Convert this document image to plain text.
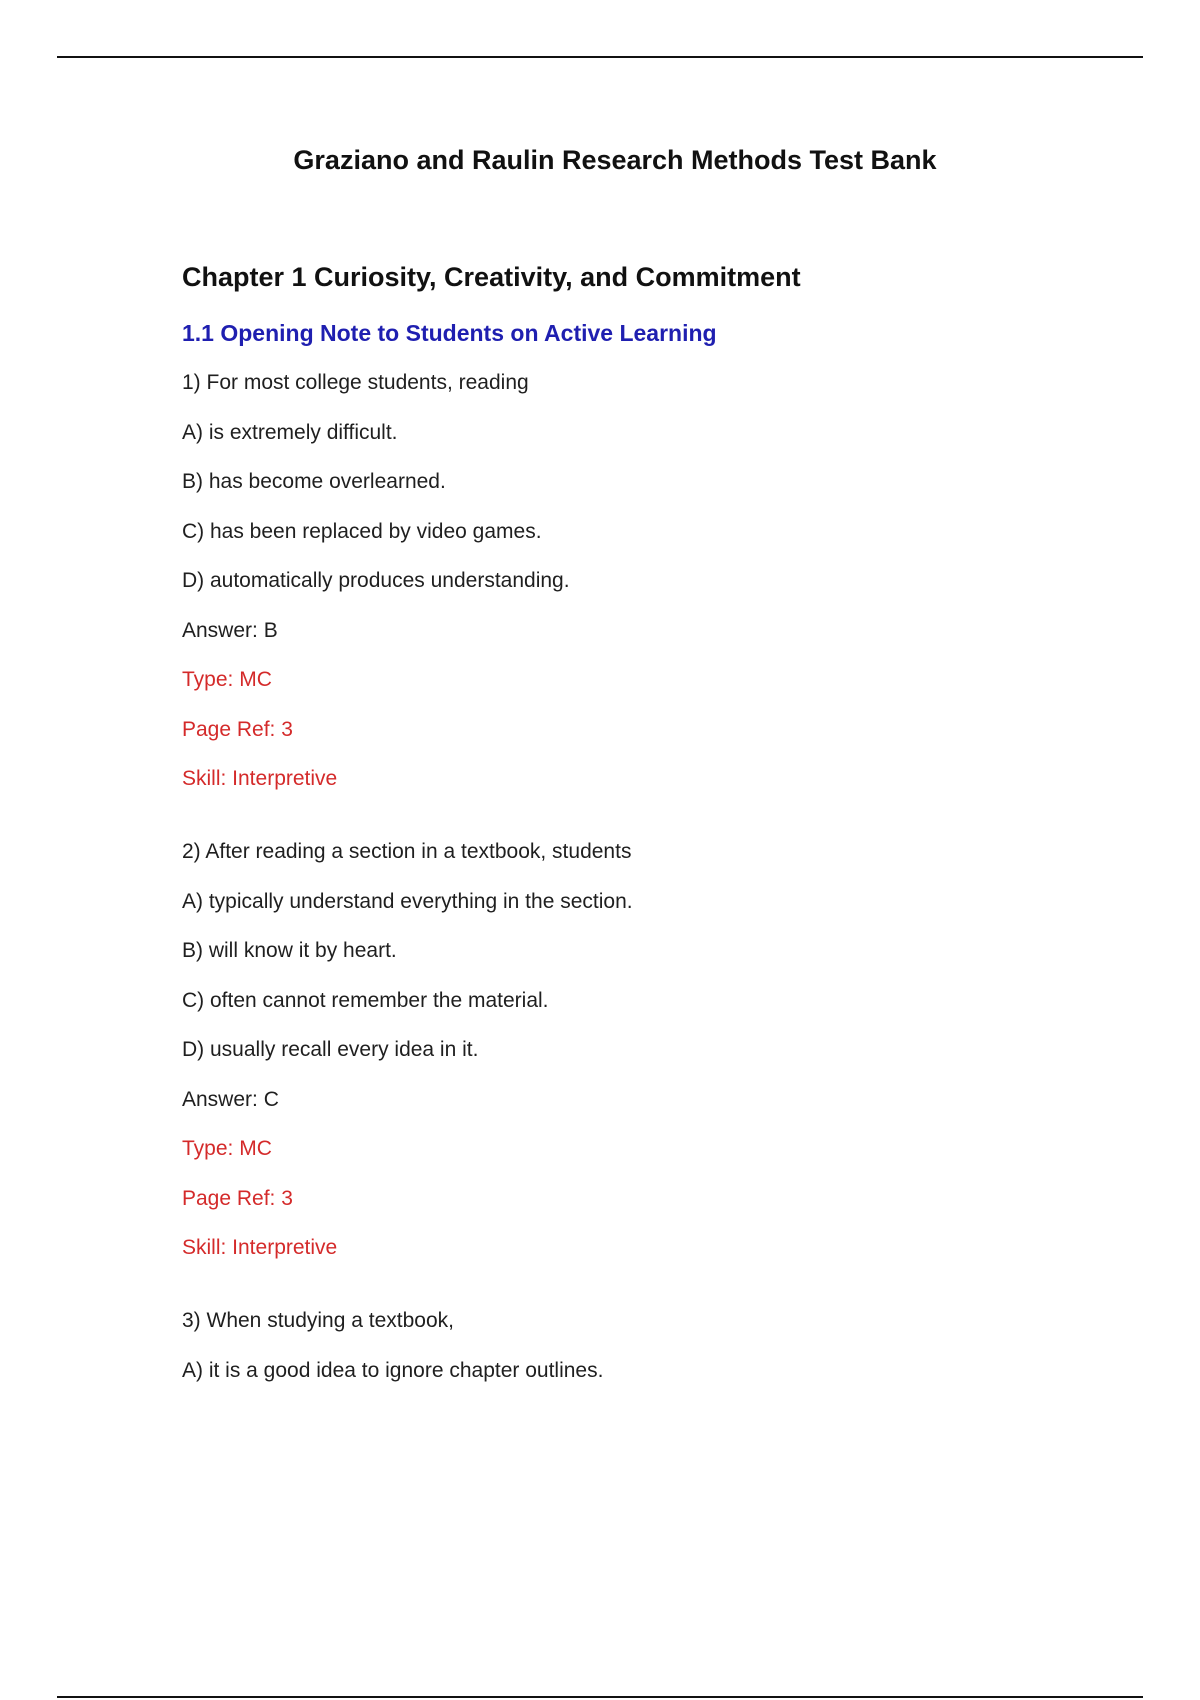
Graziano and Raulin Research Methods Test Bank
Chapter 1 Curiosity, Creativity, and Commitment
1.1 Opening Note to Students on Active Learning

1) For most college students, reading

A) is extremely difficult.

B) has become overlearned.

C) has been replaced by video games.

D) automatically produces understanding.

Answer: B

Type: MC

Page Ref: 3

Skill: Interpretive

2) After reading a section in a textbook, students

A) typically understand everything in the section.

B) will know it by heart.

C) often cannot remember the material.

D) usually recall every idea in it.

Answer: C

Type: MC

Page Ref: 3

Skill: Interpretive

3) When studying a textbook,

A) it is a good idea to ignore chapter outlines.
